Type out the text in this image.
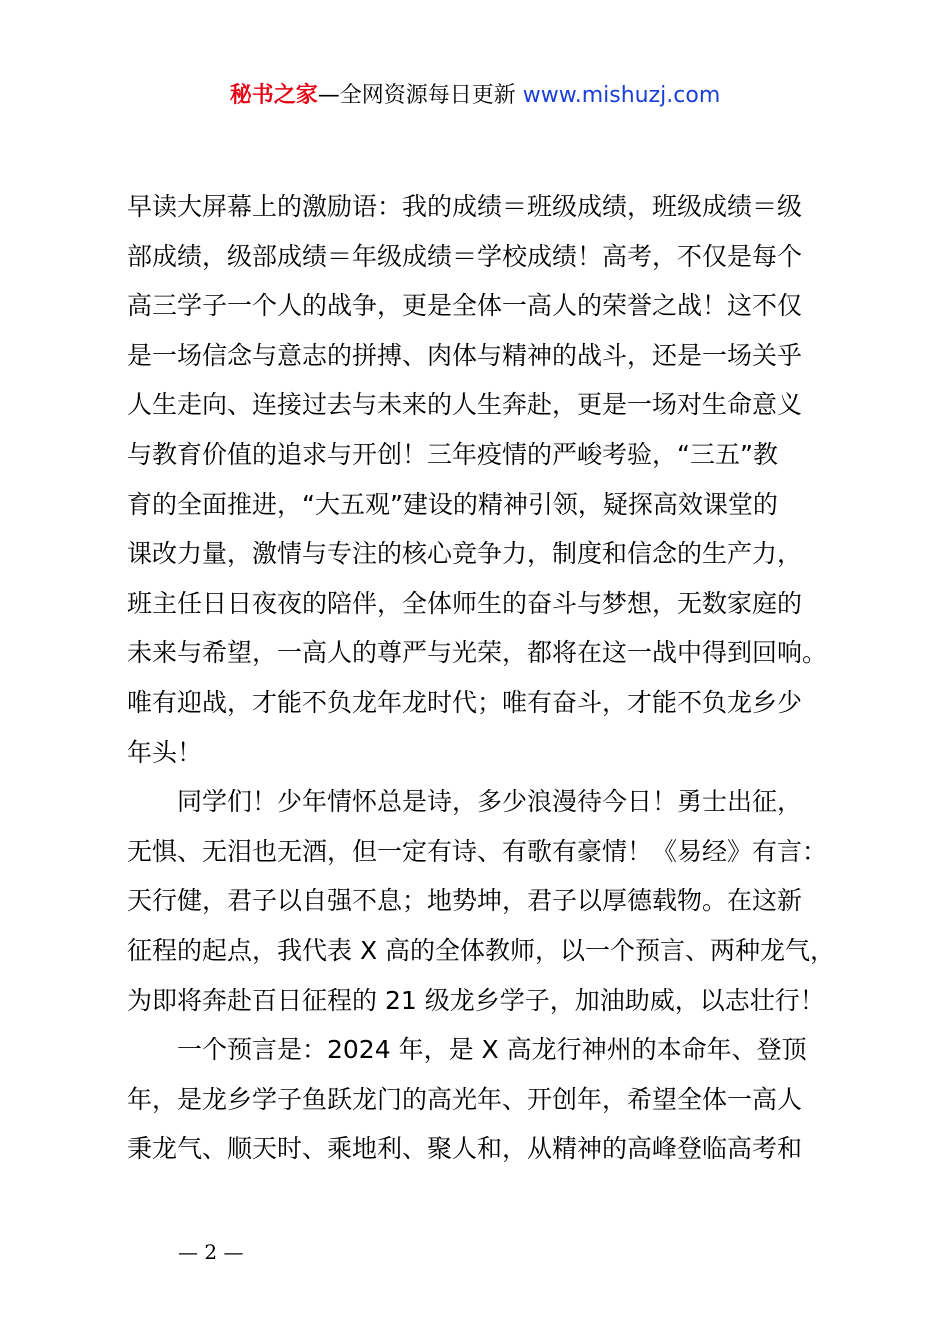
秘书之家—全网资源每日更新 www.mishuzj.com
早读大屏幕上的激励语：我的成绩＝班级成绩，班级成绩＝级
部成绩，级部成绩＝年级成绩＝学校成绩！高考，不仅是每个
高三学子一个人的战争，更是全体一高人的荣誉之战！这不仅
是一场信念与意志的拼搏、肉体与精神的战斗，还是一场关乎
人生走向、连接过去与未来的人生奔赴，更是一场对生命意义
与教育价值的追求与开创！三年疫情的严峻考验，“三五”教
育的全面推进，“大五观”建设的精神引领，疑探高效课堂的
课改力量，激情与专注的核心竞争力，制度和信念的生产力，
班主任日日夜夜的陪伴，全体师生的奋斗与梦想，无数家庭的
未来与希望，一高人的尊严与光荣，都将在这一战中得到回响。
唯有迎战，才能不负龙年龙时代；唯有奋斗，才能不负龙乡少
年头！
同学们！少年情怀总是诗，多少浪漫待今日！勇士出征，
无惧、无泪也无酒，但一定有诗、有歌有豪情！《易经》有言：
天行健，君子以自强不息；地势坤，君子以厚德载物。在这新
征程的起点，我代表 X 高的全体教师，以一个预言、两种龙气，
为即将奔赴百日征程的 21 级龙乡学子，加油助威，以志壮行！
一个预言是：2024 年，是 X 高龙行神州的本命年、登顶
年，是龙乡学子鱼跃龙门的高光年、开创年，希望全体一高人
秉龙气、顺天时、乘地利、聚人和，从精神的高峰登临高考和
— 2 —
